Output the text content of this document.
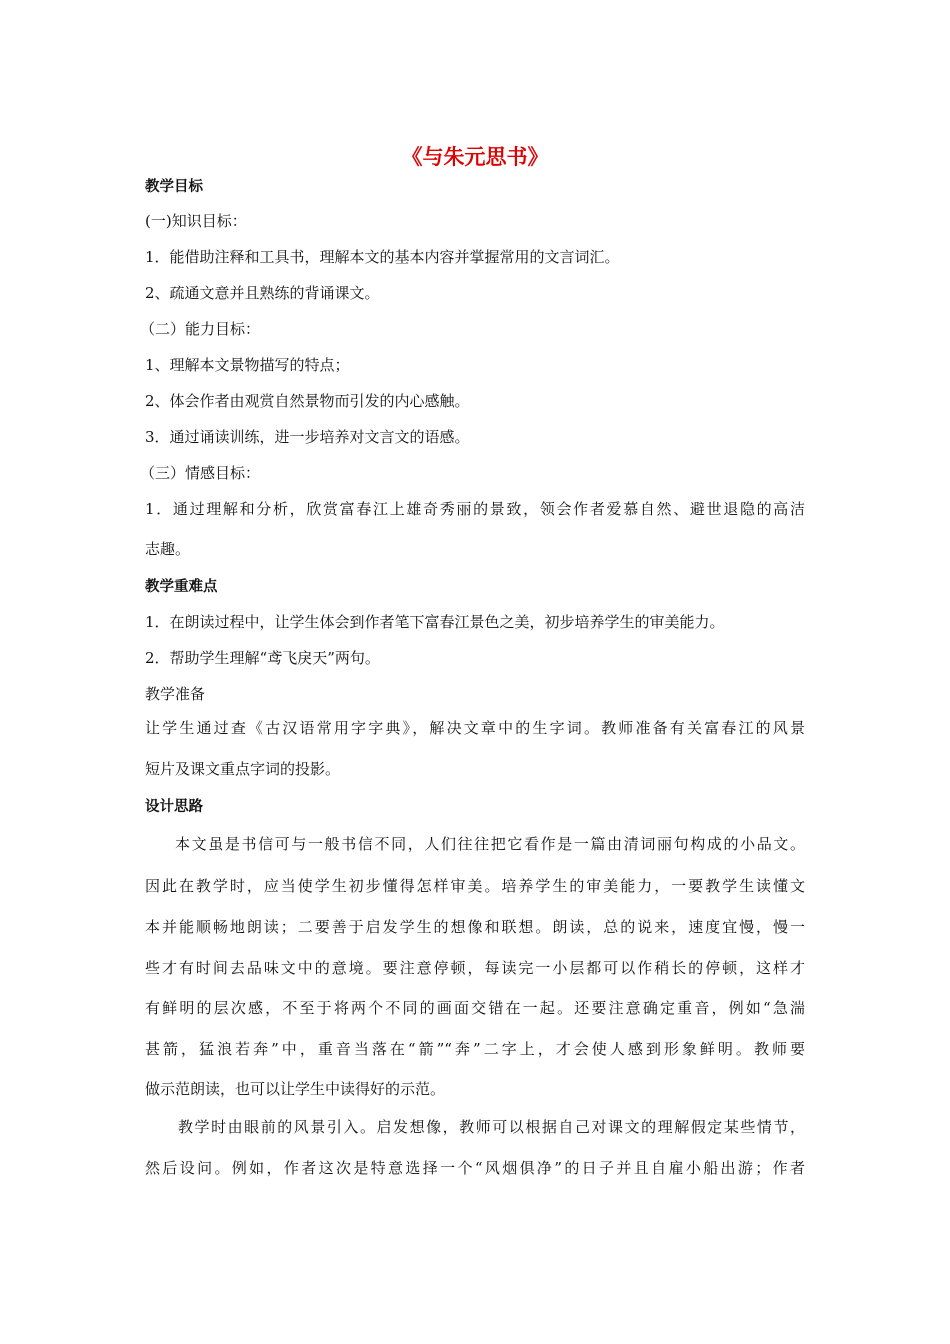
《与朱元思书》
教学目标
(一)知识目标：
1．能借助注释和工具书，理解本文的基本内容并掌握常用的文言词汇。
2、疏通文意并且熟练的背诵课文。
（二）能力目标：
1、理解本文景物描写的特点；
2、体会作者由观赏自然景物而引发的内心感触。
3．通过诵读训练，进一步培养对文言文的语感。
（三）情感目标：
1．通过理解和分析，欣赏富春江上雄奇秀丽的景致，领会作者爱慕自然、避世退隐的高洁
志趣。
教学重难点
1．在朗读过程中，让学生体会到作者笔下富春江景色之美，初步培养学生的审美能力。
2．帮助学生理解“鸢飞戾天”两句。
教学准备
让学生通过查《古汉语常用字字典》，解决文章中的生字词。教师准备有关富春江的风景
短片及课文重点字词的投影。
设计思路
本文虽是书信可与一般书信不同，人们往往把它看作是一篇由清词丽句构成的小品文。
因此在教学时，应当使学生初步懂得怎样审美。培养学生的审美能力，一要教学生读懂文
本并能顺畅地朗读；二要善于启发学生的想像和联想。朗读，总的说来，速度宜慢，慢一
些才有时间去品味文中的意境。要注意停顿，每读完一小层都可以作稍长的停顿，这样才
有鲜明的层次感，不至于将两个不同的画面交错在一起。还要注意确定重音，例如“急湍
甚箭，猛浪若奔”中，重音当落在“箭”“奔”二字上，才会使人感到形象鲜明。教师要
做示范朗读，也可以让学生中读得好的示范。
教学时由眼前的风景引入。启发想像，教师可以根据自己对课文的理解假定某些情节，
然后设问。例如，作者这次是特意选择一个“风烟俱净”的日子并且自雇小船出游；作者
